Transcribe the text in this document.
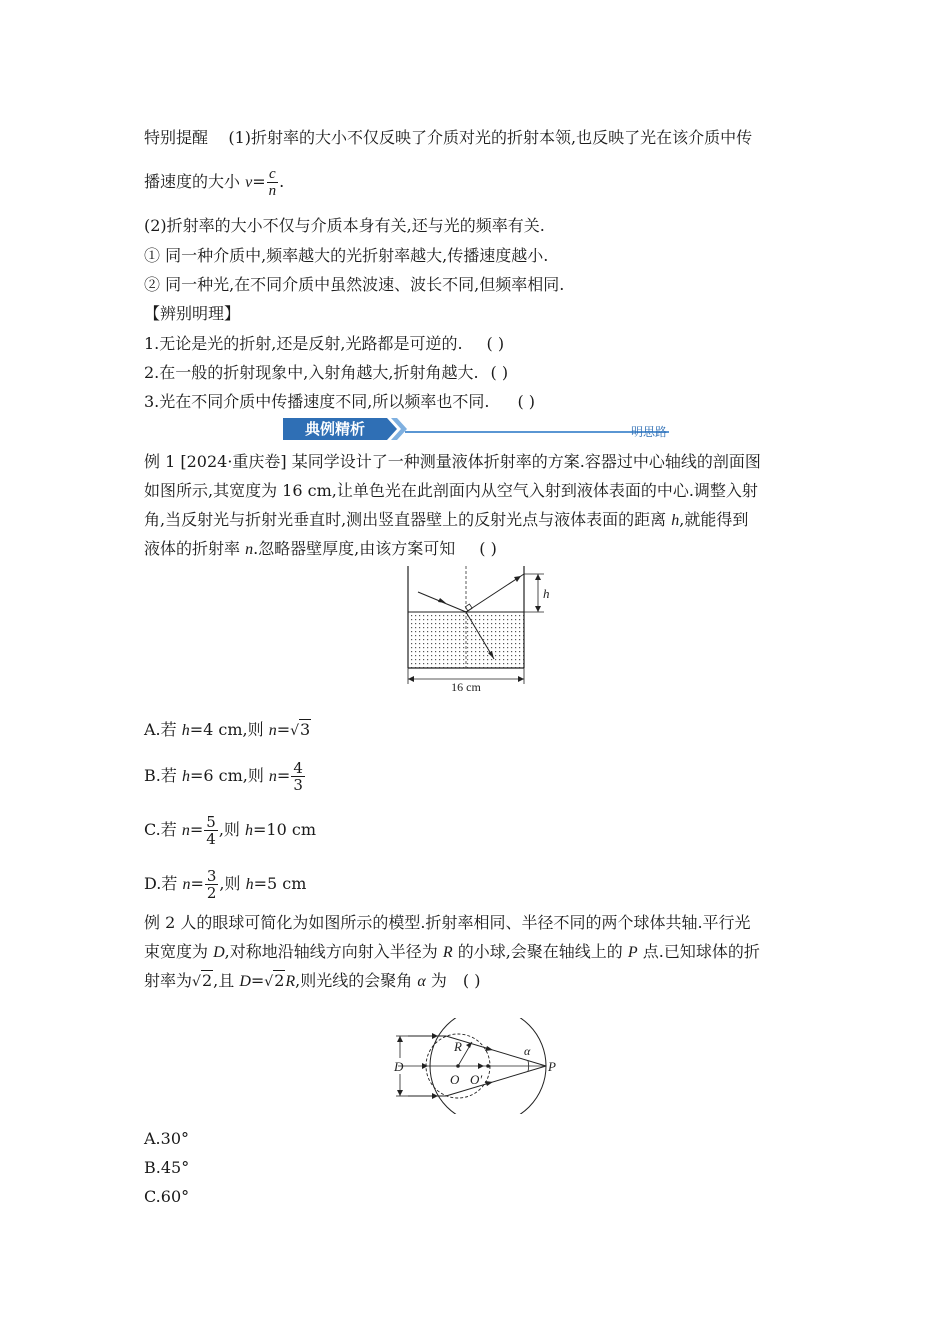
特别提醒 (1)折射率的大小不仅反映了介质对光的折射本领,也反映了光在该介质中传
播速度的大小 $v= \frac{c}{n}$ .
(2)折射率的大小不仅与介质本身有关,还与光的频率有关.
① 同一种介质中,频率越大的光折射率越大,传播速度越小.
② 同一种光,在不同介质中虽然波速、波长不同,但频率相同.
【辨别明理】
1.无论是光的折射,还是反射,光路都是可逆的. ( )
2.在一般的折射现象中,入射角越大,折射角越大. ( )
3.光在不同介质中传播速度不同,所以频率也不同. ( )
典例精析	明思路
例 1 [2024·重庆卷] 某同学设计了一种测量液体折射率的方案.容器过中心轴线的剖面图
如图所示,其宽度为 16 cm,让单色光在此剖面内从空气入射到液体表面的中心.调整入射
角,当反射光与折射光垂直时,测出竖直器壁上的反射光点与液体表面的距离 h,就能得到
液体的折射率 n.忽略器壁厚度,由该方案可知 ( )
h
16 cm
A.若 h=4 cm,则 n=√3
B.若 h=6 cm,则 $n= \frac{4}{3}$
C.若 $n= \frac{5}{4}$ ,则 h=10 cm
D.若 $n= \frac{3}{2}$ ,则 h=5 cm
例 2 人的眼球可简化为如图所示的模型.折射率相同、半径不同的两个球体共轴.平行光
束宽度为 D,对称地沿轴线方向射入半径为 R 的小球,会聚在轴线上的 P 点.已知球体的折
射率为√2,且 D=√2R,则光线的会聚角 α 为 ( )
D
R
O O′
α
P
A.30°
B.45°
C.60°
